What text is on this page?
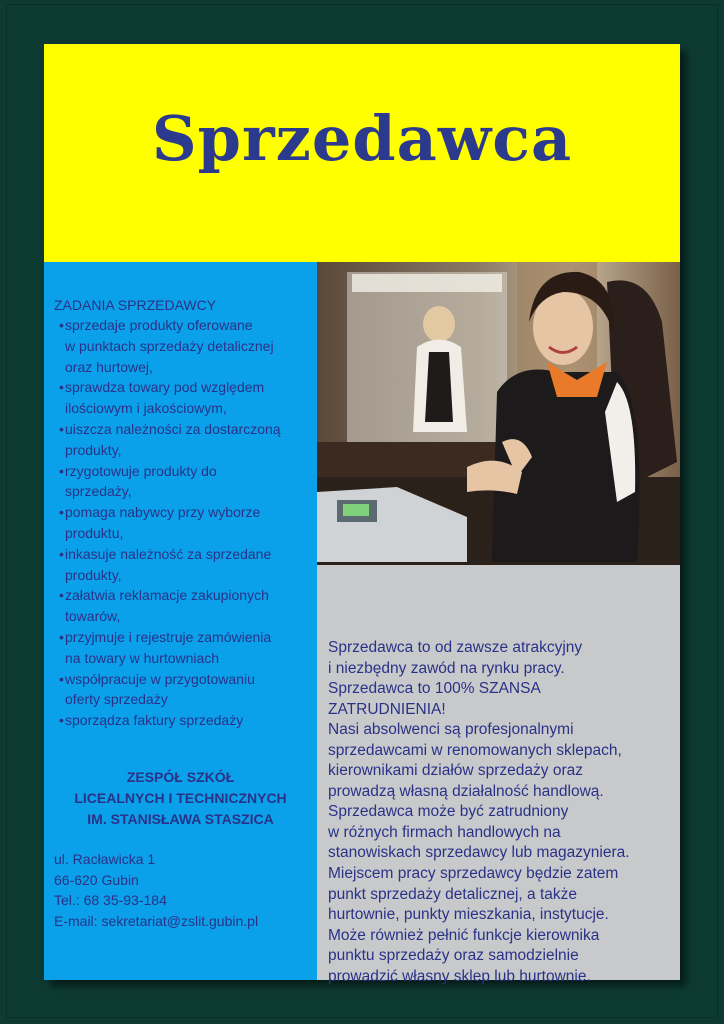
Sprzedawca
ZADANIA SPRZEDAWCY
•sprzedaje produkty oferowane
w punktach sprzedaży detalicznej
oraz hurtowej,
•sprawdza towary pod względem
ilościowym i jakościowym,
•uiszcza należności za dostarczoną
produkty,
•rzygotowuje produkty do
sprzedaży,
•pomaga nabywcy przy wyborze
produktu,
•inkasuje należność za sprzedane
produkty,
•załatwia reklamacje zakupionych
towarów,
•przyjmuje i rejestruje zamówienia
na towary w hurtowniach
•współpracuje w przygotowaniu
oferty sprzedaży
•sporządza faktury sprzedaży
ZESPÓŁ SZKÓŁ
LICEALNYCH I TECHNICZNYCH
IM. STANISŁAWA STASZICA
ul. Racławicka 1
66-620 Gubin
Tel.: 68 35-93-184
E-mail: sekretariat@zslit.gubin.pl
Sprzedawca to od zawsze atrakcyjny
i niezbędny zawód na rynku pracy.
Sprzedawca to 100% SZANSA
ZATRUDNIENIA!
Nasi absolwenci są profesjonalnymi
sprzedawcami w renomowanych sklepach,
kierownikami działów sprzedaży oraz
prowadzą własną działalność handlową.
Sprzedawca może być zatrudniony
w różnych firmach handlowych na
stanowiskach sprzedawcy lub magazyniera.
Miejscem pracy sprzedawcy będzie zatem
punkt sprzedaży detalicznej, a także
hurtownie, punkty mieszkania, instytucje.
Może również pełnić funkcje kierownika
punktu sprzedaży oraz samodzielnie
prowadzić własny sklep lub hurtownie.
